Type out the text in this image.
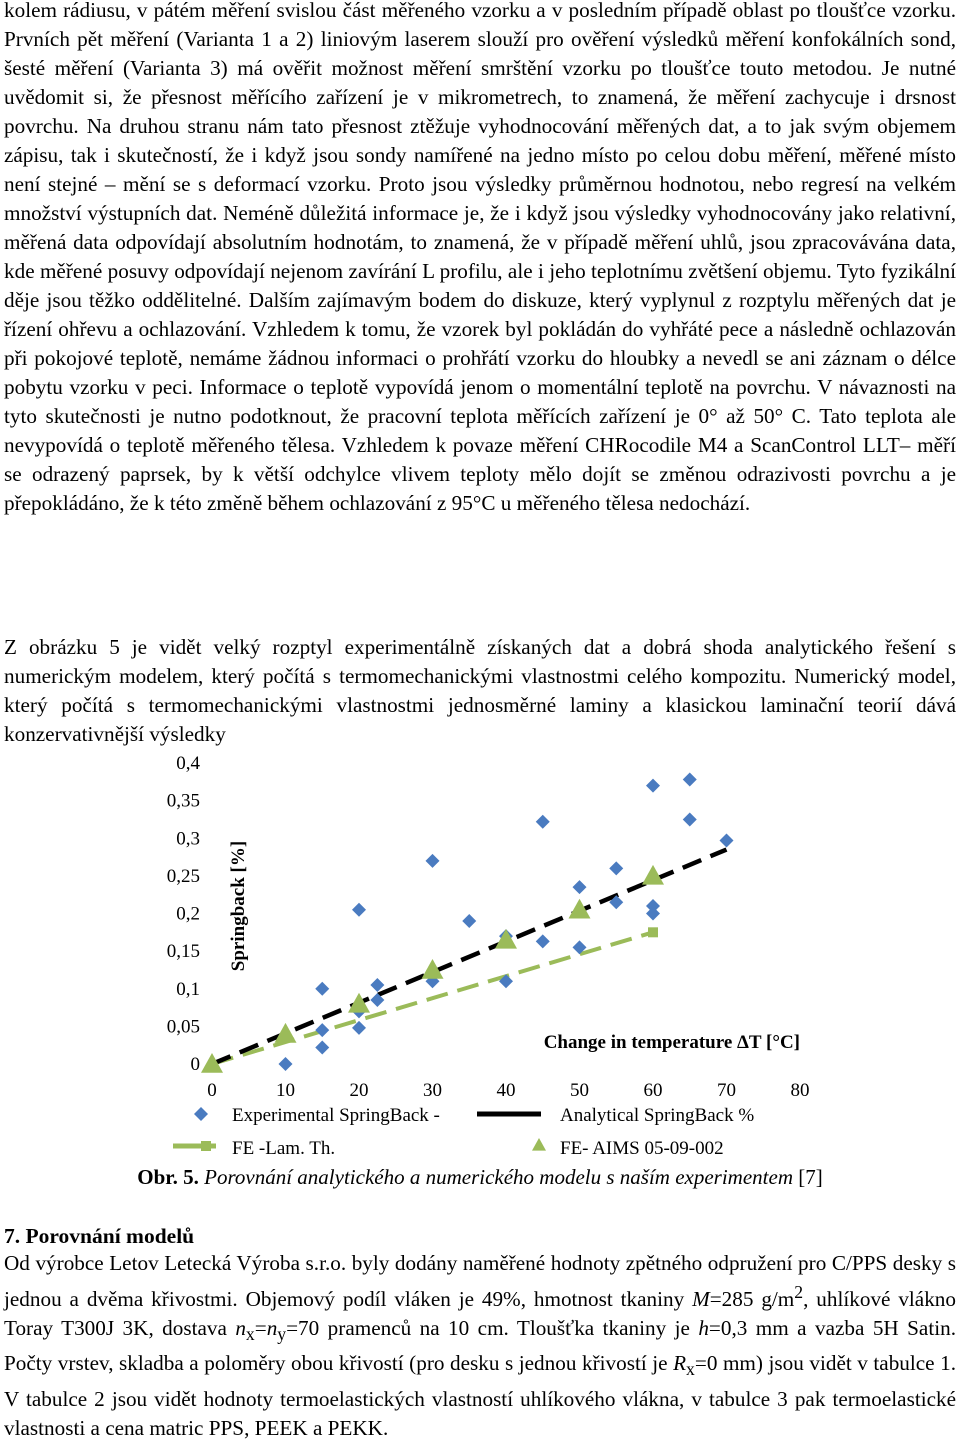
kolem rádiusu, v pátém měření svislou část měřeného vzorku a v posledním případě oblast po tloušťce vzorku. Prvních pět měření (Varianta 1 a 2) liniovým laserem slouží pro ověření výsledků měření konfokálních sond, šesté měření (Varianta 3) má ověřit možnost měření smrštění vzorku po tloušťce touto metodou. Je nutné uvědomit si, že přesnost měřícího zařízení je v mikrometrech, to znamená, že měření zachycuje i drsnost povrchu. Na druhou stranu nám tato přesnost ztěžuje vyhodnocování měřených dat, a to jak svým objemem zápisu, tak i skutečností, že i když jsou sondy namířené na jedno místo po celou dobu měření, měřené místo není stejné – mění se s deformací vzorku. Proto jsou výsledky průměrnou hodnotou, nebo regresí na velkém množství výstupních dat. Neméně důležitá informace je, že i když jsou výsledky vyhodnocovány jako relativní, měřená data odpovídají absolutním hodnotám, to znamená, že v případě měření uhlů, jsou zpracovávána data, kde měřené posuvy odpovídají nejenom zavírání L profilu, ale i jeho teplotnímu zvětšení objemu. Tyto fyzikální děje jsou těžko oddělitelné. Dalším zajímavým bodem do diskuze, který vyplynul z rozptylu měřených dat je řízení ohřevu a ochlazování. Vzhledem k tomu, že vzorek byl pokládán do vyhřáté pece a následně ochlazován při pokojové teplotě, nemáme žádnou informaci o prohřátí vzorku do hloubky a nevedl se ani záznam o délce pobytu vzorku v peci. Informace o teplotě vypovídá jenom o momentální teplotě na povrchu. V návaznosti na tyto skutečnosti je nutno podotknout, že pracovní teplota měřících zařízení je 0° až 50° C. Tato teplota ale nevypovídá o teplotě měřeného tělesa. Vzhledem k povaze měření CHRocodile M4 a ScanControl LLT– měří se odrazený paprsek, by k větší odchylce vlivem teploty mělo dojít se změnou odrazivosti povrchu a je přepokládáno, že k této změně během ochlazování z 95°C u měřeného tělesa nedochází.

Z obrázku 5 je vidět velký rozptyl experimentálně získaných dat a dobrá shoda analytického řešení s numerickým modelem, který počítá s termomechanickými vlastnostmi celého kompozitu. Numerický model, který počítá s termomechanickými vlastnostmi jednosměrné laminy a klasickou laminační teorií dává konzervativnější výsledky

0
0,05
0,1
0,15
0,2
0,25
0,3
0,35
0,4
0	10	20	30	40	50	60	70	80
Springback [%]
Change in temperature ΔT [°C]
Experimental SpringBack -	Analytical SpringBack %
FE -Lam. Th.	FE- AIMS 05-09-002
Obr. 5. Porovnání analytického a numerického modelu s naším experimentem [7]

7. Porovnání modelů

Od výrobce Letov Letecká Výroba s.r.o. byly dodány naměřené hodnoty zpětného odpružení pro C/PPS desky s jednou a dvěma křivostmi. Objemový podíl vláken je 49%, hmotnost tkaniny M=285 $g/m^2$, uhlíkové vlákno Toray T300J 3K, dostava $n_x=n_y=70$ pramenců na 10 cm. Tloušťka tkaniny je h=0,3 mm a vazba 5H Satin. Počty vrstev, skladba a poloměry obou křivostí (pro desku s jednou křivostí je $R_x=0$ mm) jsou vidět v tabulce 1. V tabulce 2 jsou vidět hodnoty termoelastických vlastností uhlíkového vlákna, v tabulce 3 pak termoelastické vlastnosti a cena matric PPS, PEEK a PEKK.
